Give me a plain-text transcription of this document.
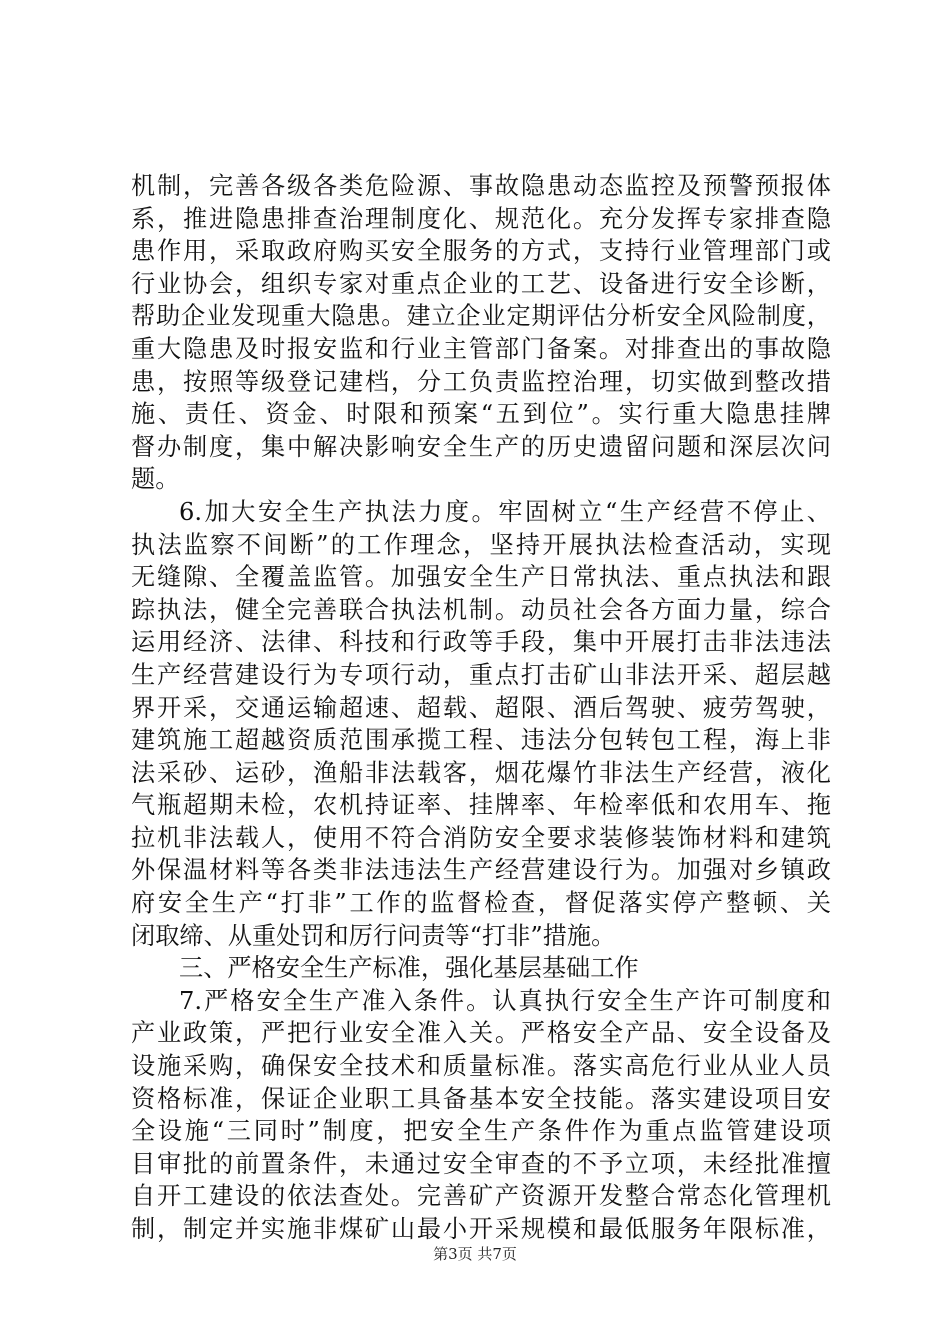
机制，完善各级各类危险源、事故隐患动态监控及预警预报体
系，推进隐患排查治理制度化、规范化。充分发挥专家排查隐
患作用，采取政府购买安全服务的方式，支持行业管理部门或
行业协会，组织专家对重点企业的工艺、设备进行安全诊断，
帮助企业发现重大隐患。建立企业定期评估分析安全风险制度，
重大隐患及时报安监和行业主管部门备案。对排查出的事故隐
患，按照等级登记建档，分工负责监控治理，切实做到整改措
施、责任、资金、时限和预案“五到位”。实行重大隐患挂牌
督办制度，集中解决影响安全生产的历史遗留问题和深层次问
题。
6.加大安全生产执法力度。牢固树立“生产经营不停止、
执法监察不间断”的工作理念，坚持开展执法检查活动，实现
无缝隙、全覆盖监管。加强安全生产日常执法、重点执法和跟
踪执法，健全完善联合执法机制。动员社会各方面力量，综合
运用经济、法律、科技和行政等手段，集中开展打击非法违法
生产经营建设行为专项行动，重点打击矿山非法开采、超层越
界开采，交通运输超速、超载、超限、酒后驾驶、疲劳驾驶，
建筑施工超越资质范围承揽工程、违法分包转包工程，海上非
法采砂、运砂，渔船非法载客，烟花爆竹非法生产经营，液化
气瓶超期未检，农机持证率、挂牌率、年检率低和农用车、拖
拉机非法载人，使用不符合消防安全要求装修装饰材料和建筑
外保温材料等各类非法违法生产经营建设行为。加强对乡镇政
府安全生产“打非”工作的监督检查，督促落实停产整顿、关
闭取缔、从重处罚和厉行问责等“打非”措施。
三、严格安全生产标准，强化基层基础工作
7.严格安全生产准入条件。认真执行安全生产许可制度和
产业政策，严把行业安全准入关。严格安全产品、安全设备及
设施采购，确保安全技术和质量标准。落实高危行业从业人员
资格标准，保证企业职工具备基本安全技能。落实建设项目安
全设施“三同时”制度，把安全生产条件作为重点监管建设项
目审批的前置条件，未通过安全审查的不予立项，未经批准擅
自开工建设的依法查处。完善矿产资源开发整合常态化管理机
制，制定并实施非煤矿山最小开采规模和最低服务年限标准，
第3页 共7页
